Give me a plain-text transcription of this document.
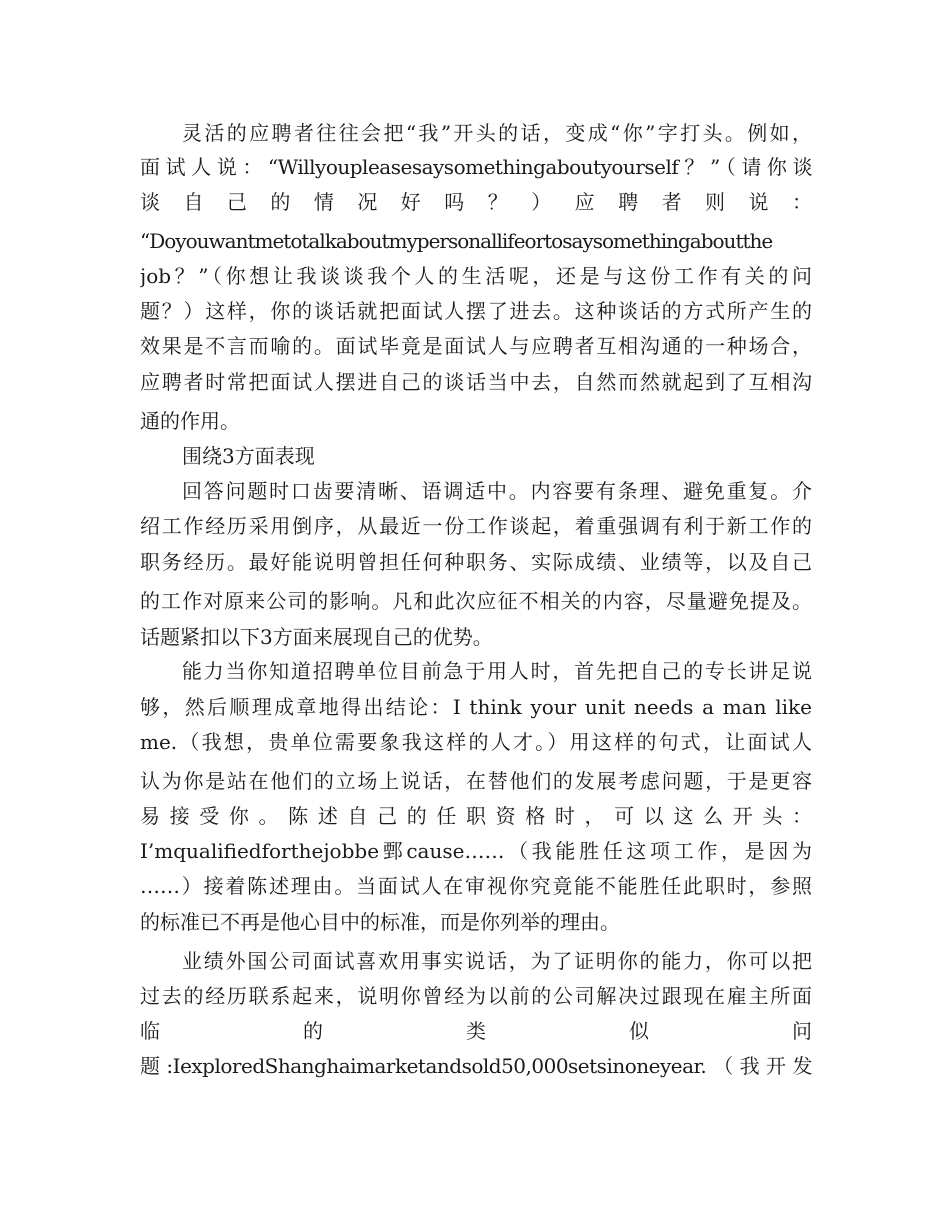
灵活的应聘者往往会把“我”开头的话，变成“你”字打头。例如，
面试人说：“Willyoupleasesaysomethingaboutyourself？”（请你谈
谈 自 己 的 情 况 好 吗 ？ ） 应 聘 者 则 说 ：
“Doyouwantmetotalkaboutmypersonallifeortosaysomethingaboutthe
job？”（你想让我谈谈我个人的生活呢，还是与这份工作有关的问
题？）这样，你的谈话就把面试人摆了进去。这种谈话的方式所产生的
效果是不言而喻的。面试毕竟是面试人与应聘者互相沟通的一种场合，
应聘者时常把面试人摆进自己的谈话当中去，自然而然就起到了互相沟
通的作用。
围绕3方面表现
回答问题时口齿要清晰、语调适中。内容要有条理、避免重复。介
绍工作经历采用倒序，从最近一份工作谈起，着重强调有利于新工作的
职务经历。最好能说明曾担任何种职务、实际成绩、业绩等，以及自己
的工作对原来公司的影响。凡和此次应征不相关的内容，尽量避免提及。
话题紧扣以下3方面来展现自己的优势。
能力当你知道招聘单位目前急于用人时，首先把自己的专长讲足说
够，然后顺理成章地得出结论：I think your unit needs a man like
me.（我想，贵单位需要象我这样的人才。）用这样的句式，让面试人
认为你是站在他们的立场上说话，在替他们的发展考虑问题，于是更容
易 接 受 你 。 陈 述 自 己 的 任 职 资 格 时 ， 可 以 这 么 开 头 ：
I’mqualifiedforthejobbe鄄cause……（我能胜任这项工作，是因为
……）接着陈述理由。当面试人在审视你究竟能不能胜任此职时，参照
的标准已不再是他心目中的标准，而是你列举的理由。
业绩外国公司面试喜欢用事实说话，为了证明你的能力，你可以把
过去的经历联系起来，说明你曾经为以前的公司解决过跟现在雇主所面
临 的 类 似 问
题:IexploredShanghaimarketandsold50,000setsinoneyear.（我开发
